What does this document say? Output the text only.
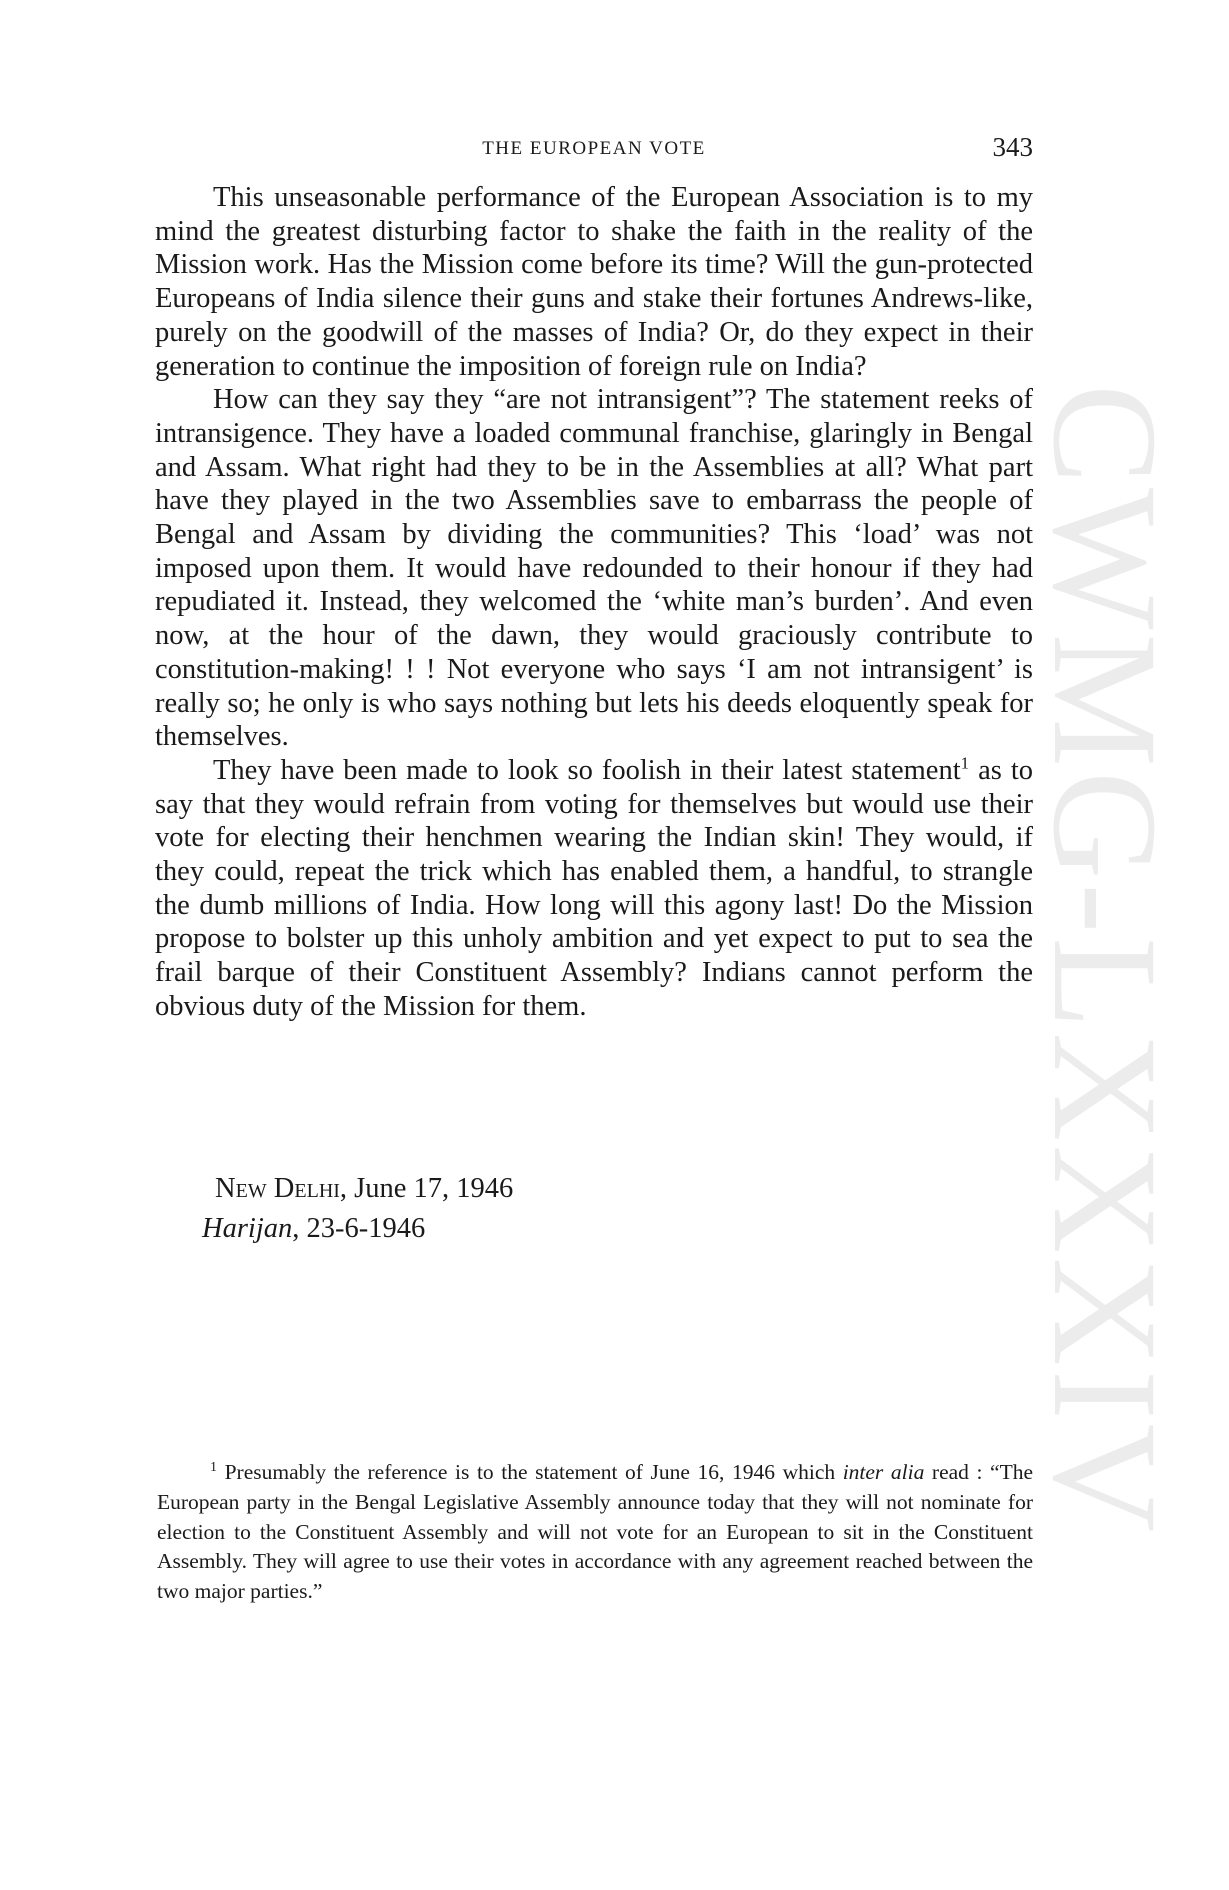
CWMG-LXXXIV
THE EUROPEAN VOTE	343

This unseasonable performance of the European Association is to my mind the greatest disturbing factor to shake the faith in the reality of the Mission work. Has the Mission come before its time? Will the gun-protected Europeans of India silence their guns and stake their fortunes Andrews-like, purely on the goodwill of the masses of India? Or, do they expect in their generation to continue the imposition of foreign rule on India?

How can they say they “are not intransigent”? The statement reeks of intransigence. They have a loaded communal franchise, glaringly in Bengal and Assam. What right had they to be in the Assemblies at all? What part have they played in the two Assemblies save to embarrass the people of Bengal and Assam by dividing the communities? This ‘load’ was not imposed upon them. It would have redounded to their honour if they had repudiated it. Instead, they welcomed the ‘white man’s burden’. And even now, at the hour of the dawn, they would graciously contribute to constitution-making! ! ! Not everyone who says ‘I am not intransigent’ is really so; he only is who says nothing but lets his deeds eloquently speak for themselves.

They have been made to look so foolish in their latest statement$^1$ as to say that they would refrain from voting for themselves but would use their vote for electing their henchmen wearing the Indian skin! They would, if they could, repeat the trick which has enabled them, a handful, to strangle the dumb millions of India. How long will this agony last! Do the Mission propose to bolster up this unholy ambition and yet expect to put to sea the frail barque of their Constituent Assembly? Indians cannot perform the obvious duty of the Mission for them.

New Delhi, June 17, 1946
Harijan, 23-6-1946

$^1$ Presumably the reference is to the statement of June 16, 1946 which inter alia read : “The European party in the Bengal Legislative Assembly announce today that they will not nominate for election to the Constituent Assembly and will not vote for an European to sit in the Constituent Assembly. They will agree to use their votes in accordance with any agreement reached between the two major parties.”
